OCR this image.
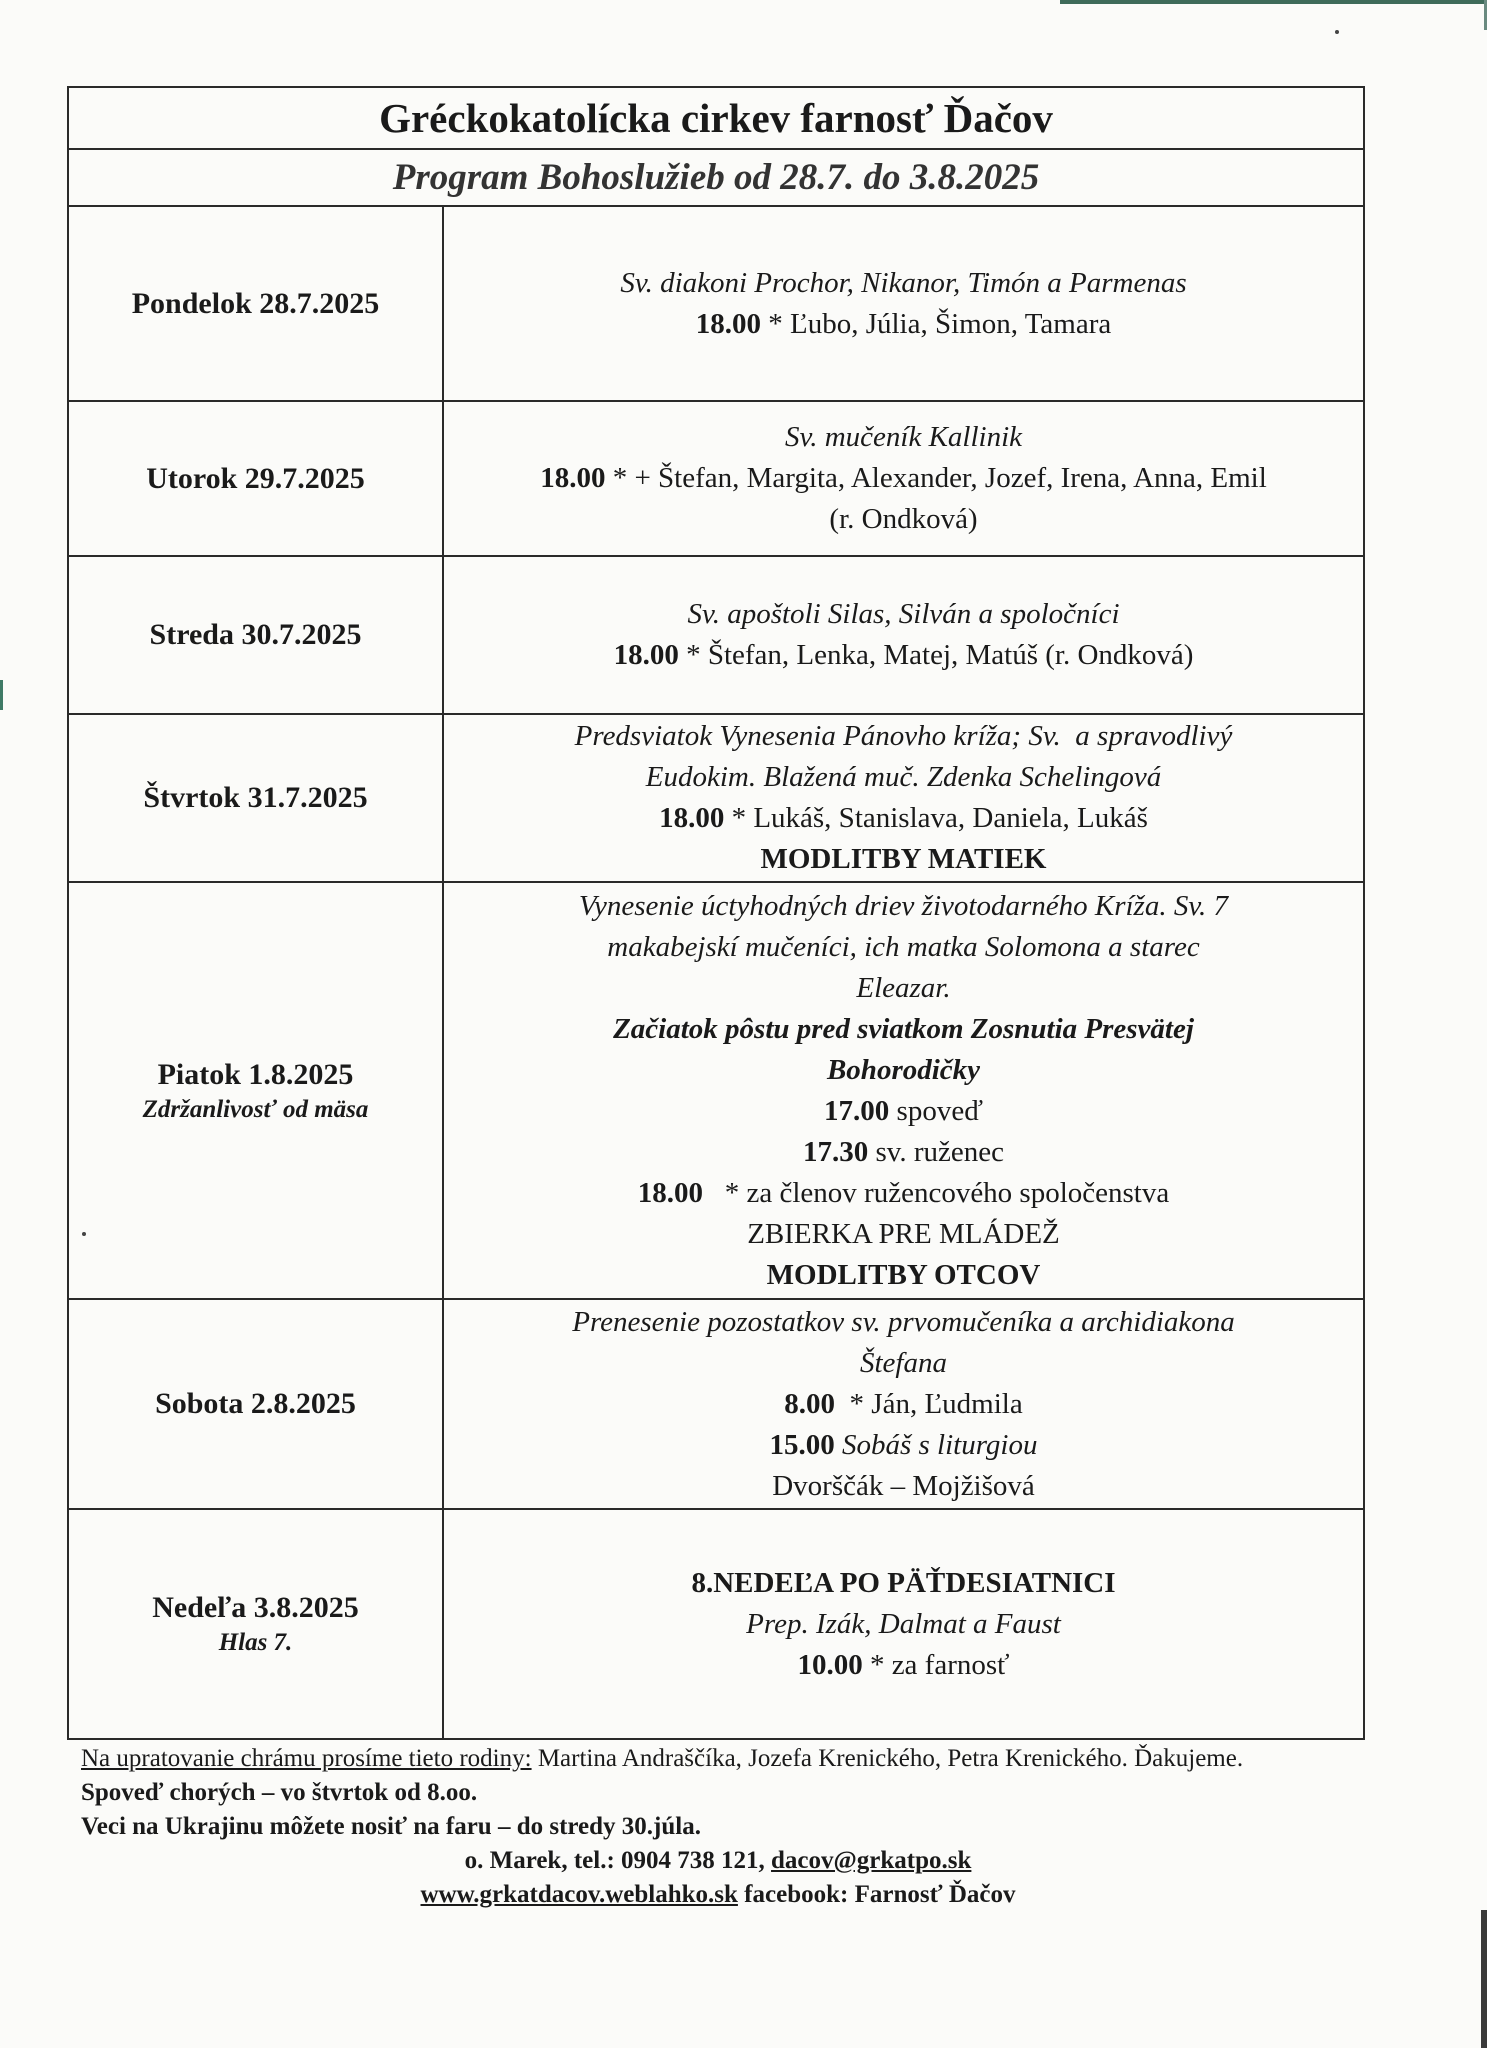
Gréckokatolícka cirkev farnosť Ďačov
Program Bohoslužieb od 28.7. do 3.8.2025
Pondelok 28.7.2025
Sv. diakoni Prochor, Nikanor, Timón a Parmenas
18.00 * Ľubo, Júlia, Šimon, Tamara
Utorok 29.7.2025
Sv. mučeník Kallinik
18.00 * + Štefan, Margita, Alexander, Jozef, Irena, Anna, Emil
(r. Ondková)
Streda 30.7.2025
Sv. apoštoli Silas, Silván a spoločníci
18.00 * Štefan, Lenka, Matej, Matúš (r. Ondková)
Štvrtok 31.7.2025
Predsviatok Vynesenia Pánovho kríža; Sv.  a spravodlivý
Eudokim. Blažená muč. Zdenka Schelingová
18.00 * Lukáš, Stanislava, Daniela, Lukáš
MODLITBY MATIEK
Piatok 1.8.2025
Zdržanlivosť od mäsa
Vynesenie úctyhodných driev životodarného Kríža. Sv. 7
makabejskí mučeníci, ich matka Solomona a starec
Eleazar.
Začiatok pôstu pred sviatkom Zosnutia Presvätej
Bohorodičky
17.00 spoveď
17.30 sv. ruženec
18.00   * za členov ružencového spoločenstva
ZBIERKA PRE MLÁDEŽ
MODLITBY OTCOV
Sobota 2.8.2025
Prenesenie pozostatkov sv. prvomučeníka a archidiakona
Štefana
8.00  * Ján, Ľudmila
15.00 Sobáš s liturgiou
Dvorščák – Mojžišová
Nedeľa 3.8.2025
Hlas 7.
8.NEDEĽA PO PÄŤDESIATNICI
Prep. Izák, Dalmat a Faust
10.00 * za farnosť
Na upratovanie chrámu prosíme tieto rodiny: Martina Andraščíka, Jozefa Krenického, Petra Krenického. Ďakujeme.
Spoveď chorých – vo štvrtok od 8.oo.
Veci na Ukrajinu môžete nosiť na faru – do stredy 30.júla.
o. Marek, tel.: 0904 738 121, dacov@grkatpo.sk
www.grkatdacov.weblahko.sk facebook: Farnosť Ďačov
